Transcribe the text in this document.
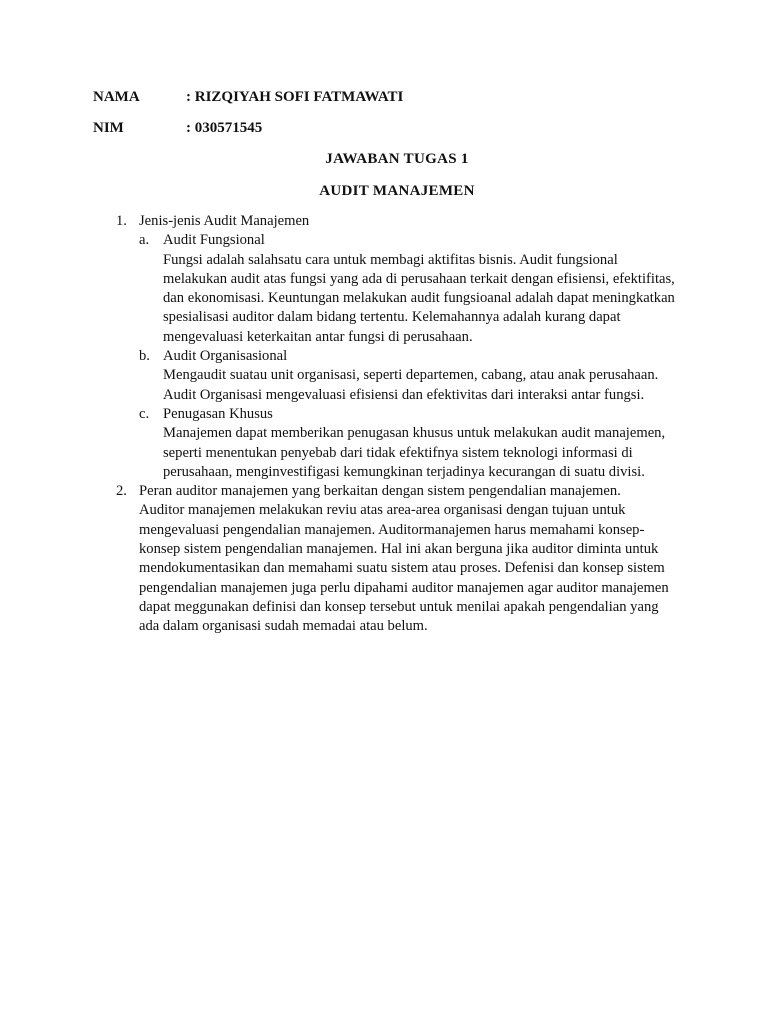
NAMA	: RIZQIYAH SOFI FATMAWATI
NIM	: 030571545
JAWABAN TUGAS 1
AUDIT MANAJEMEN
1. Jenis-jenis Audit Manajemen
a. Audit Fungsional
Fungsi adalah salahsatu cara untuk membagi aktifitas bisnis. Audit fungsional melakukan audit atas fungsi yang ada di perusahaan terkait dengan efisiensi, efektifitas, dan ekonomisasi. Keuntungan melakukan audit fungsioanal adalah dapat meningkatkan spesialisasi auditor dalam bidang tertentu. Kelemahannya adalah kurang dapat mengevaluasi keterkaitan antar fungsi di perusahaan.
b. Audit Organisasional
Mengaudit suatau unit organisasi, seperti departemen, cabang, atau anak perusahaan. Audit Organisasi mengevaluasi efisiensi dan efektivitas dari interaksi antar fungsi.
c. Penugasan Khusus
Manajemen dapat memberikan penugasan khusus untuk melakukan audit manajemen, seperti menentukan penyebab dari tidak efektifnya sistem teknologi informasi di perusahaan, menginvestifigasi kemungkinan terjadinya kecurangan di suatu divisi.
2. Peran auditor manajemen yang berkaitan dengan sistem pengendalian manajemen. Auditor manajemen melakukan reviu atas area-area organisasi dengan tujuan untuk mengevaluasi pengendalian manajemen. Auditormanajemen harus memahami konsep-konsep sistem pengendalian manajemen. Hal ini akan berguna jika auditor diminta untuk mendokumentasikan dan memahami suatu sistem atau proses. Defenisi dan konsep sistem pengendalian manajemen juga perlu dipahami auditor manajemen agar auditor manajemen dapat meggunakan definisi dan konsep tersebut untuk menilai apakah pengendalian yang ada dalam organisasi sudah memadai atau belum.
